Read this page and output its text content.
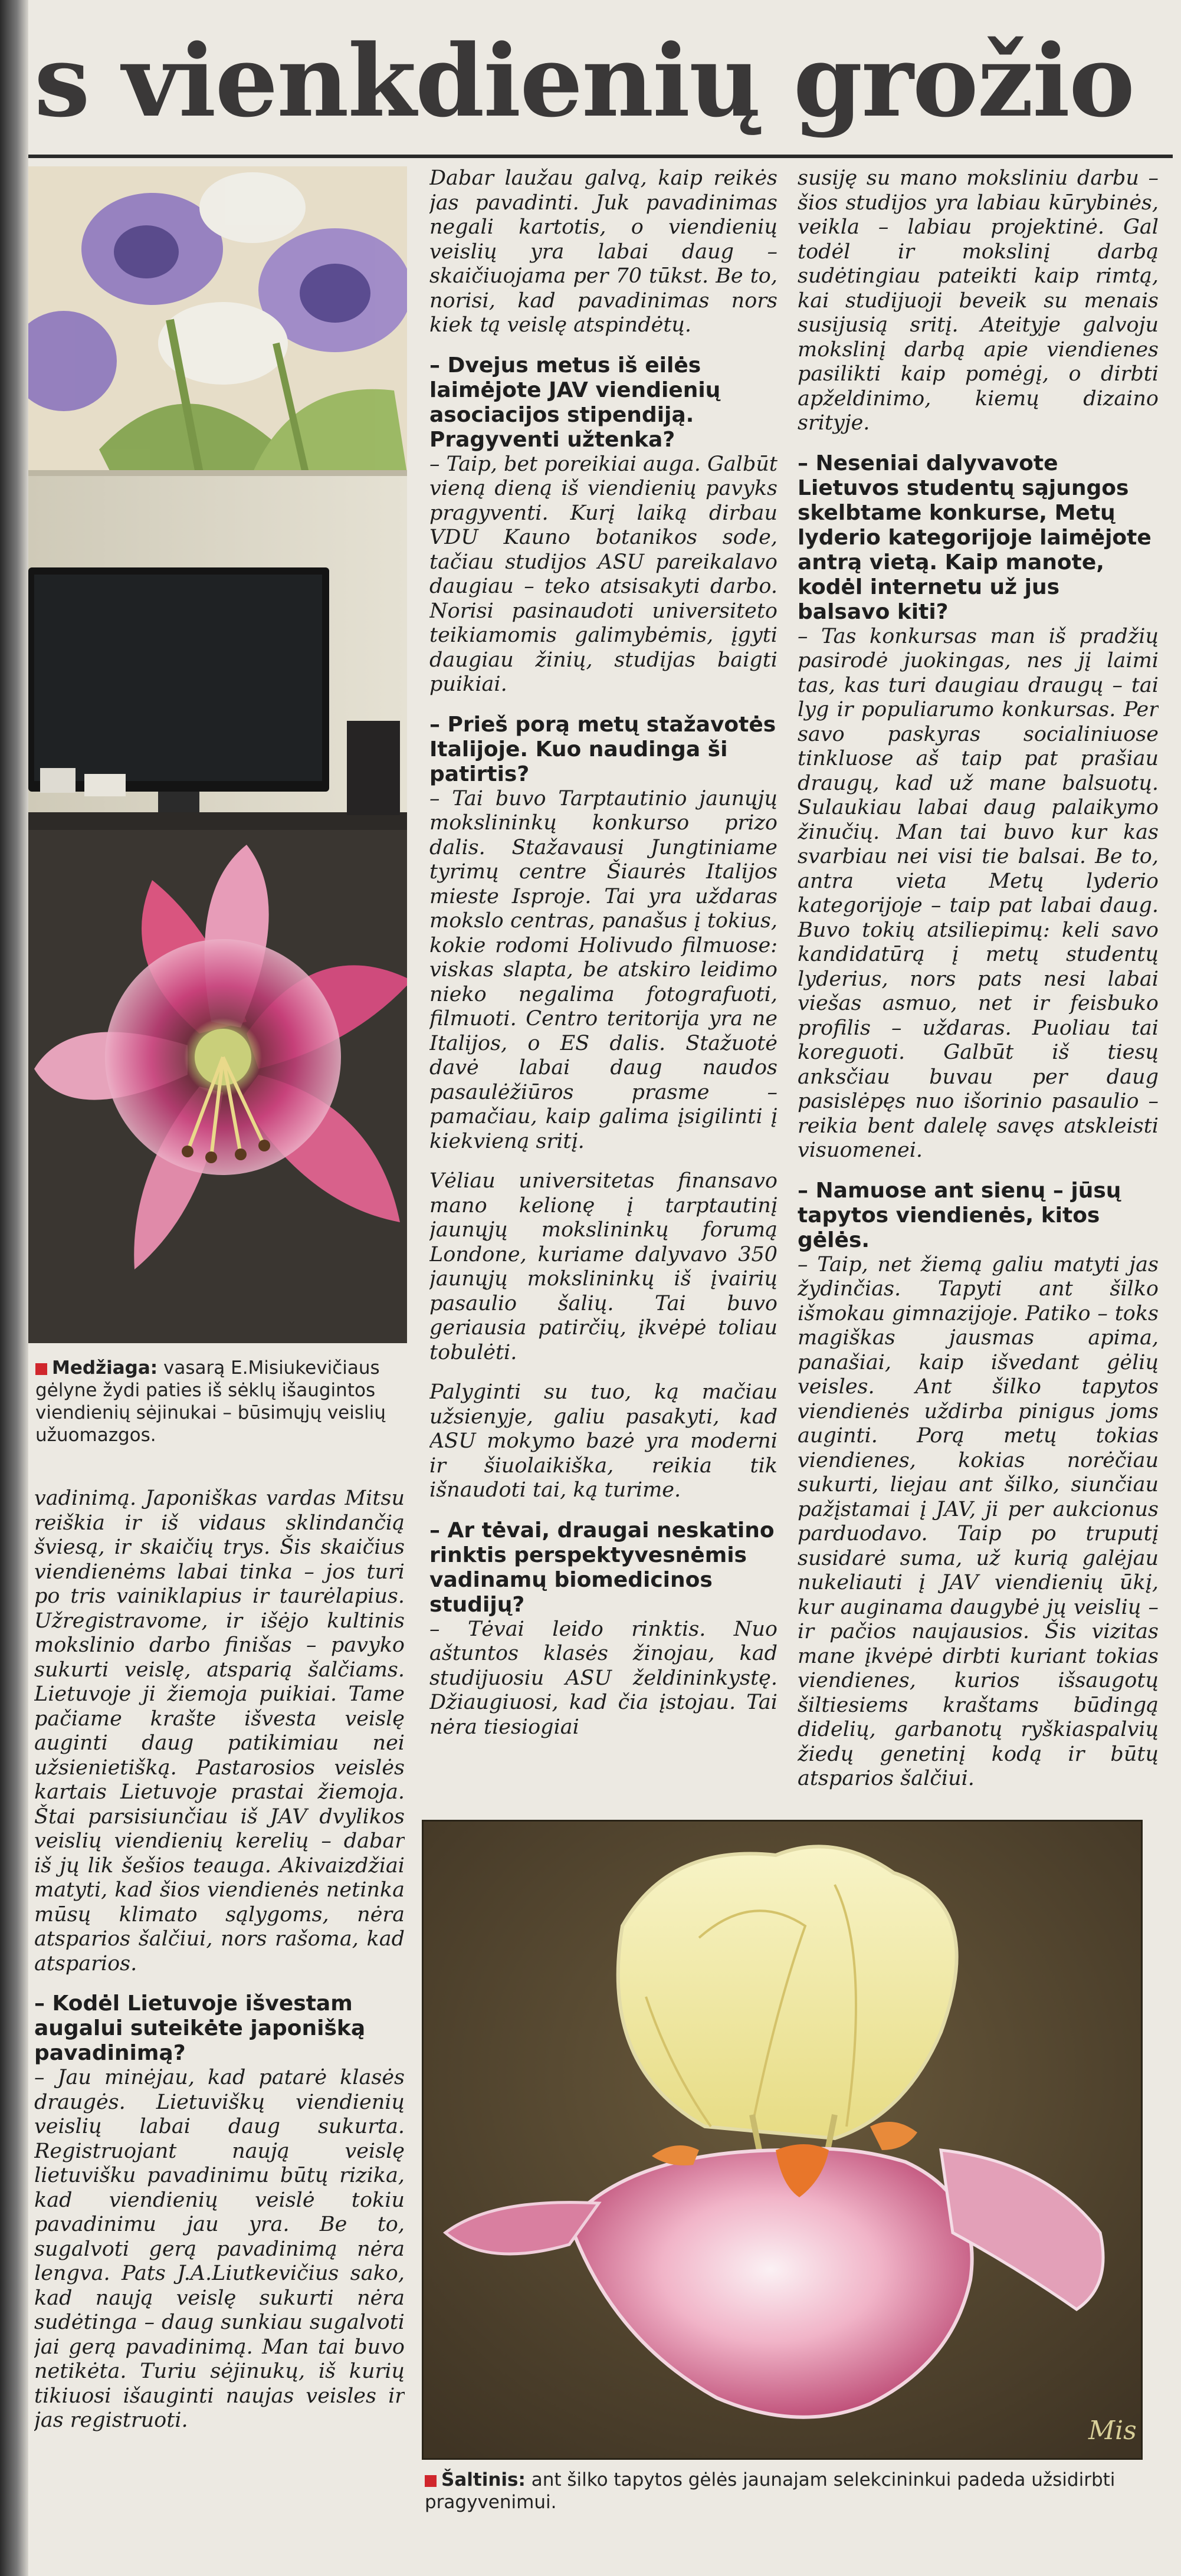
s vienkdienių grožio
Medžiaga: vasarą E.Misiukevičiaus gėlyne žydi paties iš sėklų išaugintos viendienių sėjinukai – būsimųjų veislių užuomazgos.

vadinimą. Japoniškas vardas Mitsu reiškia ir iš vidaus sklindančią šviesą, ir skaičių trys. Šis skaičius viendienėms labai tinka – jos turi po tris vainiklapius ir taurėlapius. Užregistravome, ir išėjo kultinis mokslinio darbo finišas – pavyko sukurti veislę, atsparią šalčiams. Lietuvoje ji žiemoja puikiai. Tame pačiame krašte išvesta veislę auginti daug patikimiau nei užsienietišką. Pastarosios veislės kartais Lietuvoje prastai žiemoja. Štai parsisiunčiau iš JAV dvylikos veislių viendienių kerelių – dabar iš jų lik šešios teauga. Akivaizdžiai matyti, kad šios viendienės netinka mūsų klimato sąlygoms, nėra atsparios šalčiui, nors rašoma, kad atsparios.

– Kodėl Lietuvoje išvestam augalui suteikėte japonišką pavadinimą?

– Jau minėjau, kad patarė klasės draugės. Lietuviškų viendienių veislių labai daug sukurta. Registruojant naują veislę lietuvišku pavadinimu būtų rizika, kad viendienių veislė tokiu pavadinimu jau yra. Be to, sugalvoti gerą pavadinimą nėra lengva. Pats J.A.Liutkevičius sako, kad naują veislę sukurti nėra sudėtinga – daug sunkiau sugalvoti jai gerą pavadinimą. Man tai buvo netikėta. Turiu sėjinukų, iš kurių tikiuosi išauginti naujas veisles ir jas registruoti.

Dabar laužau galvą, kaip reikės jas pavadinti. Juk pavadinimas negali kartotis, o viendienių veislių yra labai daug – skaičiuojama per 70 tūkst. Be to, norisi, kad pavadinimas nors kiek tą veislę atspindėtų.

– Dvejus metus iš eilės laimėjote JAV viendienių asociacijos stipendiją. Pragyventi užtenka?

– Taip, bet poreikiai auga. Galbūt vieną dieną iš viendienių pavyks pragyventi. Kurį laiką dirbau VDU Kauno botanikos sode, tačiau studijos ASU pareikalavo daugiau – teko atsisakyti darbo. Norisi pasinaudoti universiteto teikiamomis galimybėmis, įgyti daugiau žinių, studijas baigti puikiai.

– Prieš porą metų stažavotės Italijoje. Kuo naudinga ši patirtis?

– Tai buvo Tarptautinio jaunųjų mokslininkų konkurso prizo dalis. Stažavausi Jungtiniame tyrimų centre Šiaurės Italijos mieste Isproje. Tai yra uždaras mokslo centras, panašus į tokius, kokie rodomi Holivudo filmuose: viskas slapta, be atskiro leidimo nieko negalima fotografuoti, filmuoti. Centro teritorija yra ne Italijos, o ES dalis. Stažuotė davė labai daug naudos pasaulėžiūros prasme – pamačiau, kaip galima įsigilinti į kiekvieną sritį.

Vėliau universitetas finansavo mano kelionę į tarptautinį jaunųjų mokslininkų forumą Londone, kuriame dalyvavo 350 jaunųjų mokslininkų iš įvairių pasaulio šalių. Tai buvo geriausia patirčių, įkvėpė toliau tobulėti.

Palyginti su tuo, ką mačiau užsienyje, galiu pasakyti, kad ASU mokymo bazė yra moderni ir šiuolaikiška, reikia tik išnaudoti tai, ką turime.

– Ar tėvai, draugai neskatino rinktis perspektyvesnėmis vadinamų biomedicinos studijų?

– Tėvai leido rinktis. Nuo aštuntos klasės žinojau, kad studijuosiu ASU želdininkystę. Džiaugiuosi, kad čia įstojau. Tai nėra tiesiogiai

susiję su mano moksliniu darbu – šios studijos yra labiau kūrybinės, veikla – labiau projektinė. Gal todėl ir mokslinį darbą sudėtingiau pateikti kaip rimtą, kai studijuoji beveik su menais susijusią sritį. Ateityje galvoju mokslinį darbą apie viendienes pasilikti kaip pomėgį, o dirbti apželdinimo, kiemų dizaino srityje.

– Neseniai dalyvavote Lietuvos studentų sąjungos skelbtame konkurse, Metų lyderio kategorijoje laimėjote antrą vietą. Kaip manote, kodėl internetu už jus balsavo kiti?

– Tas konkursas man iš pradžių pasirodė juokingas, nes jį laimi tas, kas turi daugiau draugų – tai lyg ir populiarumo konkursas. Per savo paskyras socialiniuose tinkluose aš taip pat prašiau draugų, kad už mane balsuotų. Sulaukiau labai daug palaikymo žinučių. Man tai buvo kur kas svarbiau nei visi tie balsai. Be to, antra vieta Metų lyderio kategorijoje – taip pat labai daug. Buvo tokių atsiliepimų: keli savo kandidatūrą į metų studentų lyderius, nors pats nesi labai viešas asmuo, net ir feisbuko profilis – uždaras. Puoliau tai koreguoti. Galbūt iš tiesų anksčiau buvau per daug pasislėpęs nuo išorinio pasaulio – reikia bent dalelę savęs atskleisti visuomenei.

– Namuose ant sienų – jūsų tapytos viendienės, kitos gėlės.

– Taip, net žiemą galiu matyti jas žydinčias. Tapyti ant šilko išmokau gimnazijoje. Patiko – toks magiškas jausmas apima, panašiai, kaip išvedant gėlių veisles. Ant šilko tapytos viendienės uždirba pinigus joms auginti. Porą metų tokias viendienes, kokias norėčiau sukurti, liejau ant šilko, siunčiau pažįstamai į JAV, ji per aukcionus parduodavo. Taip po truputį susidarė suma, už kurią galėjau nukeliauti į JAV viendienių ūkį, kur auginama daugybė jų veislių – ir pačios naujausios. Šis vizitas mane įkvėpė dirbti kuriant tokias viendienes, kurios išsaugotų šiltiesiems kraštams būdingą didelių, garbanotų ryškiaspalvių žiedų genetinį kodą ir būtų atsparios šalčiui.

Mis
Šaltinis: ant šilko tapytos gėlės jaunajam selekcininkui padeda užsidirbti pragyvenimui.
